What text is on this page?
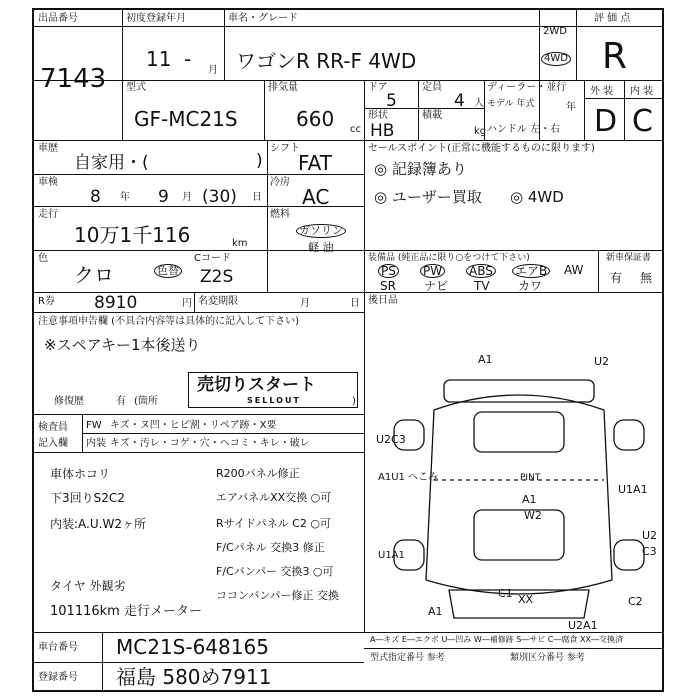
出品番号
7143
初度登録年月
11 - 月
車名・グレード
ワゴンR RR-F 4WD
2WD
4WD
評 価 点
R
型式
GF-MC21S
排気量
660 cc
ドア
5
定員
4 人
形状
HB
積載
kg
ディーラー・並行
モデル 年式	年
ハンドル 左・右
外 装 内 装
D C
車歴
自家用・(	)
シフト
FAT
車検
8 年 9 月 (30) 日
冷房
AC
走行
10万1千116	km
燃料
ガソリン
軽 油
色
クロ	色替
Cコード
Z2S
R券 8910	円 名変期限	月	日
セールスポイント(正常に機能するものに限ります)
◎ 記録簿あり
◎ ユーザー買取 ◎ 4WD
装備品 (純正品に限り○をつけて下さい)	新車保証書
有 無
PS PW ABS エアB AW
SR ナビ TV カワ
後日品
注意事項申告欄 (不具合内容等は具体的に記入して下さい)
※スペアキー1本後送り
売切りスタート
SELLOUT
修復歴	有 (箇所	)
検査員
記入欄
FW キズ・ヌ凹・ヒビ割・リペア跡・X要
内装 キズ・汚レ・コゲ・穴・ヘコミ・キレ・破レ
車体ホコリ
下3回りS2C2
内装:A.U.W2ヶ所
タイヤ 外観劣
101116km 走行メーター
R200パネル修正
エアパネルXX交換 ○可
Rサイドパネル C2 ○可
F/Cパネル 交換3 修正
F/Cバンパー 交換3 ○可
ココンバンパー修正 交換
A1
U2C3
A1U1 へこみ
U1A1
U2
C3
C2
A1
C1
U2A1
U1A1
PINT
A1
W2
U2
XX
車台番号 MC21S-648165
登録番号 福島 580め7911
A―キズ E―エクボ U―凹み W―補修跡 S―サビ C―腐食 XX―交換済
型式指定番号 参考	類別区分番号 参考
